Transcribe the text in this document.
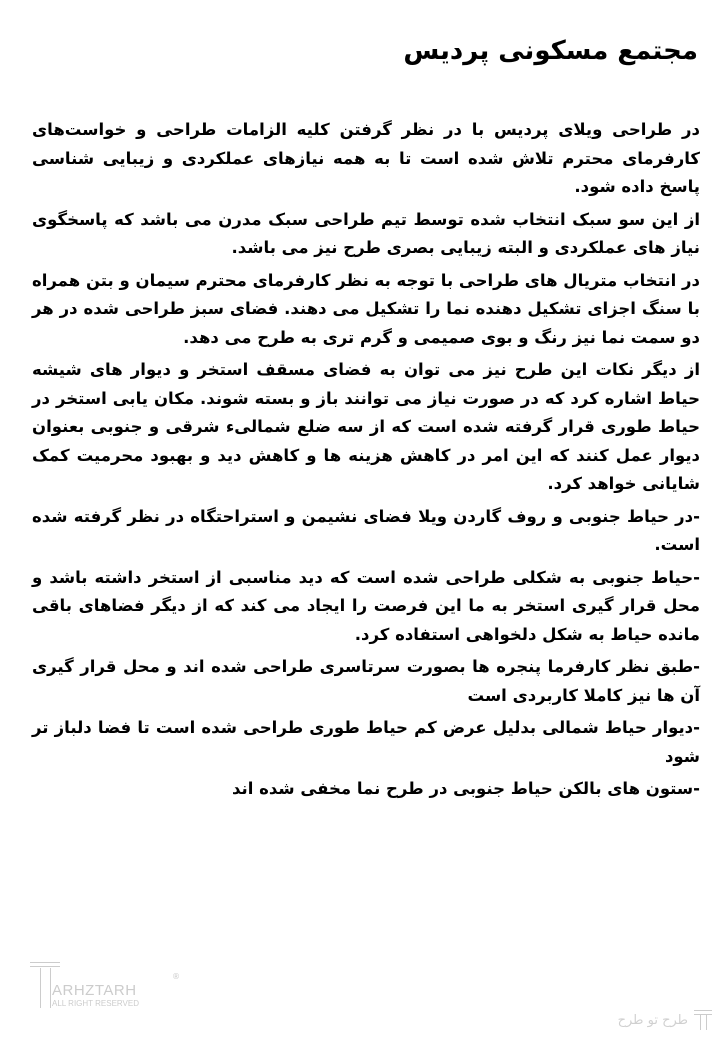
مجتمع مسکونی پردیس

در طراحی ویلای پردیس با در نظر گرفتن کلیه الزامات طراحی و خواست‌های کارفرمای محترم تلاش شده است تا به همه نیازهای عملکردی و زیبایی شناسی پاسخ داده شود.

از این سو سبک انتخاب شده توسط تیم طراحی سبک مدرن می باشد که پاسخگوی نیاز های عملکردی و البته زیبایی بصری طرح نیز می باشد.

در انتخاب متریال های طراحی با توجه به نظر کارفرمای محترم سیمان و بتن همراه با سنگ اجزای تشکیل دهنده نما را تشکیل می دهند. فضای سبز طراحی شده در هر دو سمت نما نیز رنگ و بوی صمیمی و گرم تری به طرح می دهد.

از دیگر نکات این طرح نیز می توان به فضای مسقف استخر و دیوار های شیشه حیاط اشاره کرد که در صورت نیاز می توانند باز و بسته شوند. مکان یابی استخر در حیاط طوری قرار گرفته شده است که از سه ضلع شمالیء شرقی و جنوبی بعنوان دیوار عمل کنند که این امر در کاهش هزینه ها و کاهش دید و بهبود محرمیت کمک شایانی خواهد کرد.

-در حیاط جنوبی و روف گاردن ویلا فضای نشیمن و استراحتگاه در نظر گرفته شده است.

-حیاط جنوبی به شکلی طراحی شده است که دید مناسبی از استخر داشته باشد و محل قرار گیری استخر به ما این فرصت را ایجاد می کند که از دیگر فضاهای باقی مانده حیاط به شکل دلخواهی استفاده کرد.

-طبق نظر کارفرما پنجره ها بصورت سرتاسری طراحی شده اند و محل قرار گیری آن ها نیز کاملا کاربردی است

-دیوار حیاط شمالی بدلیل عرض کم حیاط طوری طراحی شده است تا فضا دلباز تر شود

-ستون های بالکن حیاط جنوبی در طرح نما مخفی شده اند

ARHZTARH
®
ALL RIGHT RESERVED
طرح تو طرح
